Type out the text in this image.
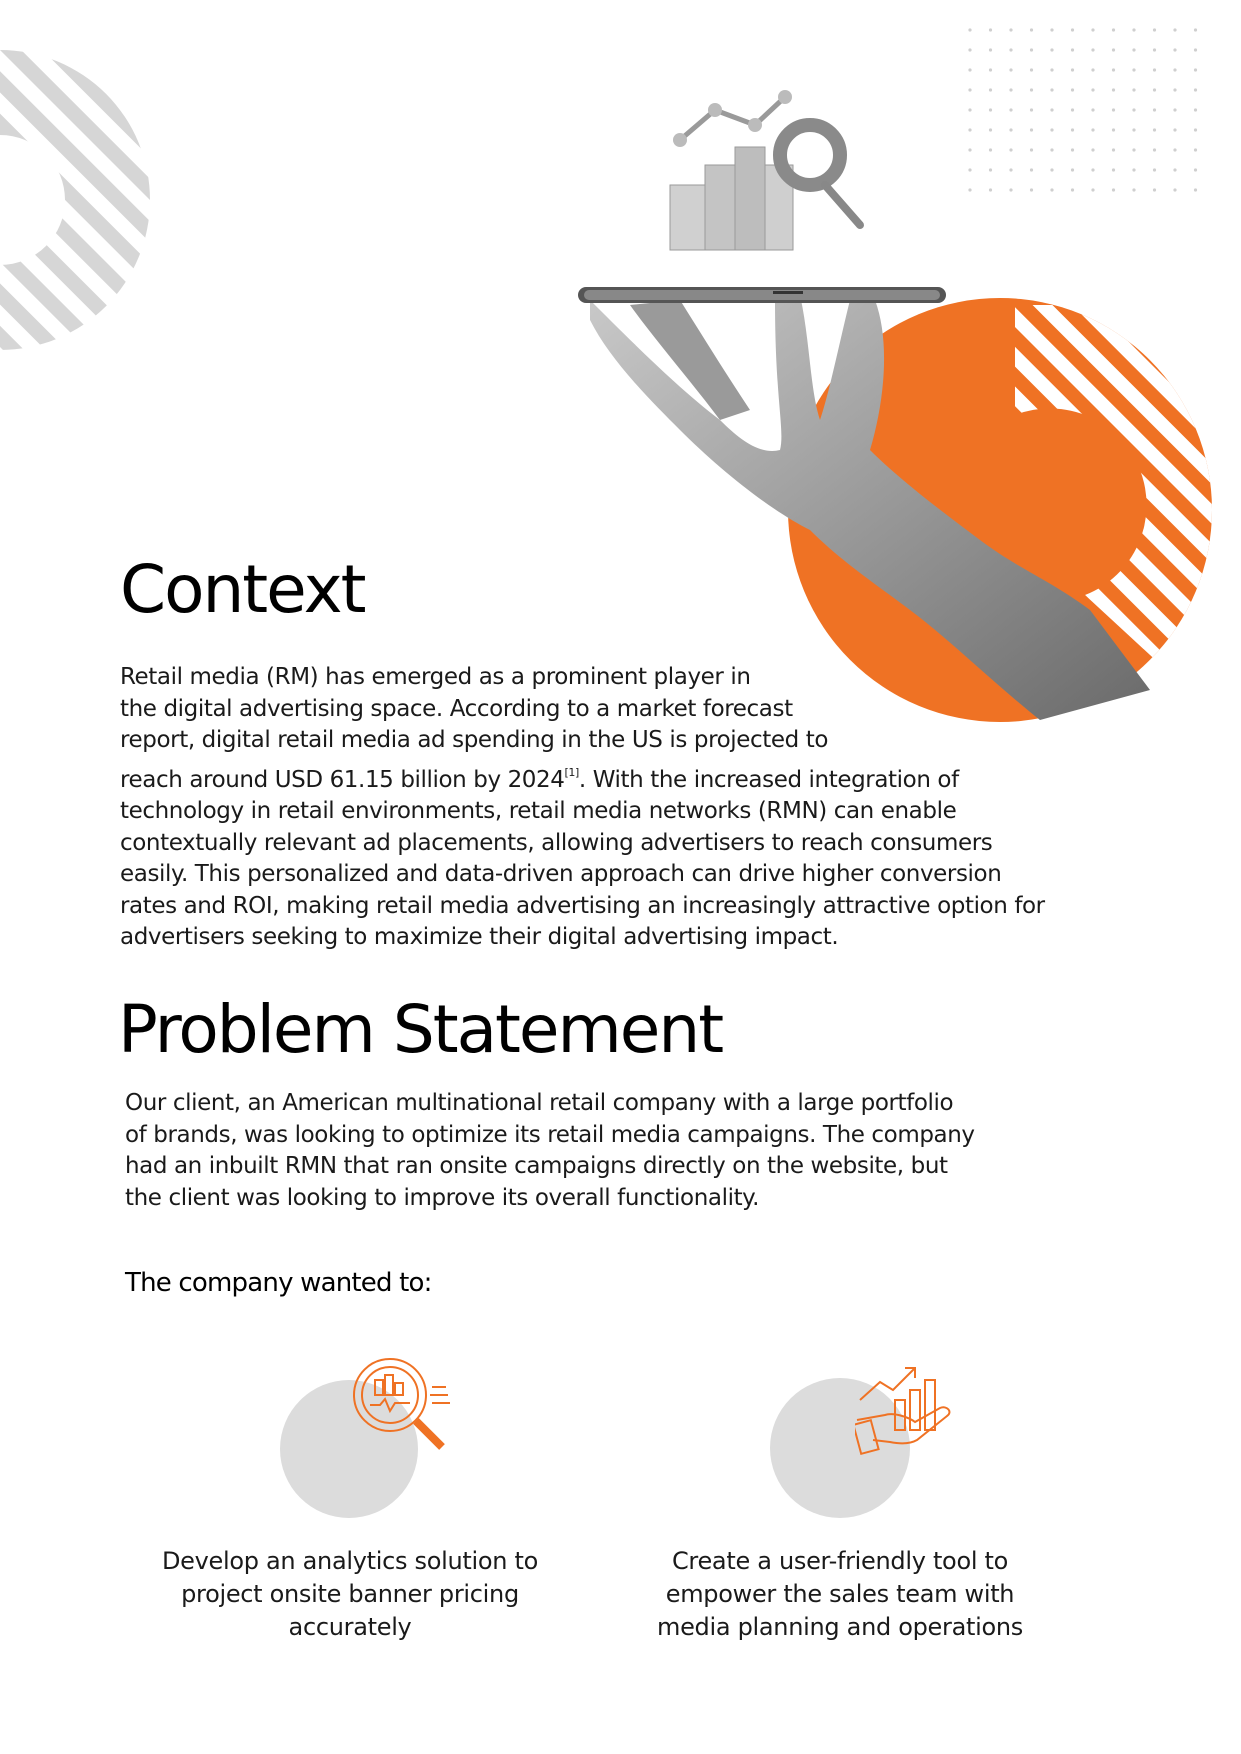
Context
Retail media (RM) has emerged as a prominent player in
the digital advertising space. According to a market forecast
report, digital retail media ad spending in the US is projected to
reach around USD 61.15 billion by 2024[1]. With the increased integration of
technology in retail environments, retail media networks (RMN) can enable
contextually relevant ad placements, allowing advertisers to reach consumers
easily. This personalized and data-driven approach can drive higher conversion
rates and ROI, making retail media advertising an increasingly attractive option for
advertisers seeking to maximize their digital advertising impact.
Problem Statement
Our client, an American multinational retail company with a large portfolio
of brands, was looking to optimize its retail media campaigns. The company
had an inbuilt RMN that ran onsite campaigns directly on the website, but
the client was looking to improve its overall functionality.
The company wanted to:
Develop an analytics solution to
project onsite banner pricing
accurately
Create a user-friendly tool to
empower the sales team with
media planning and operations
